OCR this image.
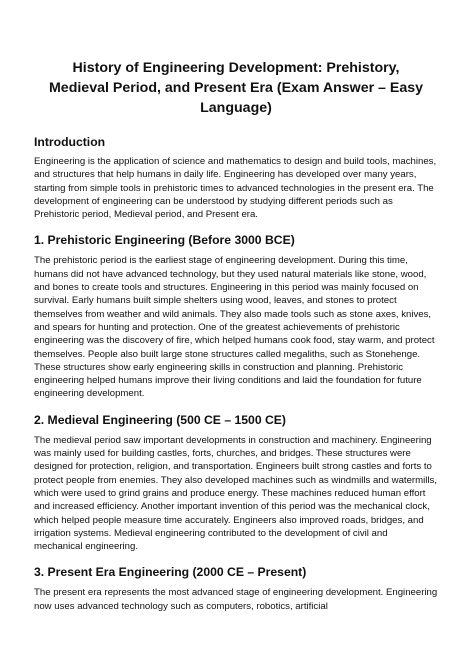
History of Engineering Development: Prehistory, Medieval Period, and Present Era (Exam Answer – Easy Language)
Introduction

Engineering is the application of science and mathematics to design and build tools, machines, and structures that help humans in daily life. Engineering has developed over many years, starting from simple tools in prehistoric times to advanced technologies in the present era. The development of engineering can be understood by studying different periods such as Prehistoric period, Medieval period, and Present era.

1. Prehistoric Engineering (Before 3000 BCE)

The prehistoric period is the earliest stage of engineering development. During this time, humans did not have advanced technology, but they used natural materials like stone, wood, and bones to create tools and structures. Engineering in this period was mainly focused on survival. Early humans built simple shelters using wood, leaves, and stones to protect themselves from weather and wild animals. They also made tools such as stone axes, knives, and spears for hunting and protection. One of the greatest achievements of prehistoric engineering was the discovery of fire, which helped humans cook food, stay warm, and protect themselves. People also built large stone structures called megaliths, such as Stonehenge. These structures show early engineering skills in construction and planning. Prehistoric engineering helped humans improve their living conditions and laid the foundation for future engineering development.

2. Medieval Engineering (500 CE – 1500 CE)

The medieval period saw important developments in construction and machinery. Engineering was mainly used for building castles, forts, churches, and bridges. These structures were designed for protection, religion, and transportation. Engineers built strong castles and forts to protect people from enemies. They also developed machines such as windmills and watermills, which were used to grind grains and produce energy. These machines reduced human effort and increased efficiency. Another important invention of this period was the mechanical clock, which helped people measure time accurately. Engineers also improved roads, bridges, and irrigation systems. Medieval engineering contributed to the development of civil and mechanical engineering.

3. Present Era Engineering (2000 CE – Present)

The present era represents the most advanced stage of engineering development. Engineering now uses advanced technology such as computers, robotics, artificial
